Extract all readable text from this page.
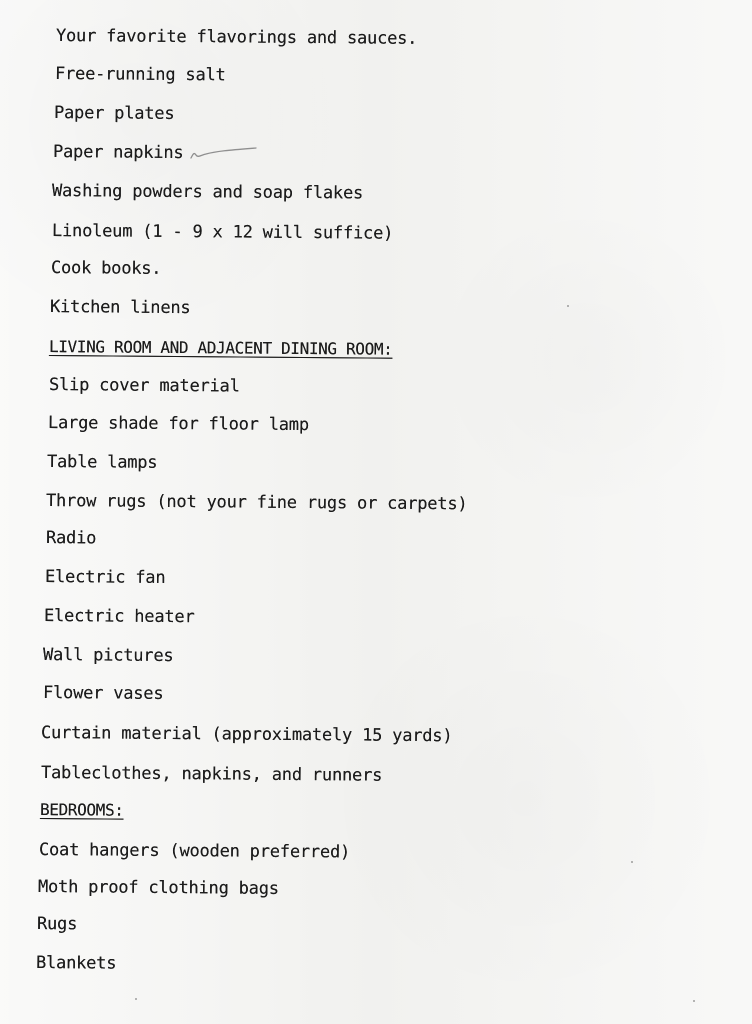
Your favorite flavorings and sauces.
Free-running salt
Paper plates
Paper napkins
Washing powders and soap flakes
Linoleum (1 - 9 x 12 will suffice)
Cook books.
Kitchen linens
LIVING ROOM AND ADJACENT DINING ROOM:
Slip cover material
Large shade for floor lamp
Table lamps
Throw rugs (not your fine rugs or carpets)
Radio
Electric fan
Electric heater
Wall pictures
Flower vases
Curtain material (approximately 15 yards)
Tableclothes, napkins, and runners
BEDROOMS:
Coat hangers (wooden preferred)
Moth proof clothing bags
Rugs
Blankets
